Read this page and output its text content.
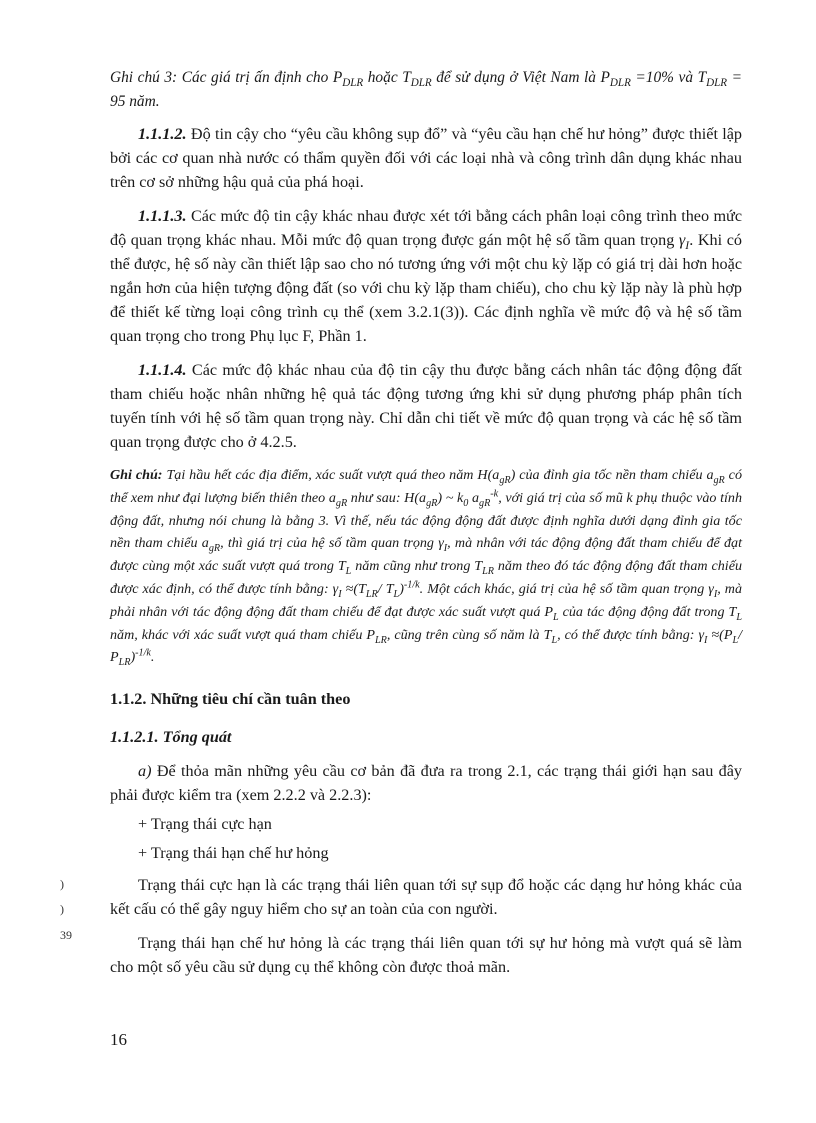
Ghi chú 3: Các giá trị ấn định cho $P_{DLR}$ hoặc $T_{DLR}$ để sử dụng ở Việt Nam là $P_{DLR} =10\%$ và $T_{DLR} = 95$ năm.

1.1.1.2. Độ tin cậy cho “yêu cầu không sụp đổ” và “yêu cầu hạn chế hư hỏng” được thiết lập bởi các cơ quan nhà nước có thẩm quyền đối với các loại nhà và công trình dân dụng khác nhau trên cơ sở những hậu quả của phá hoại.

1.1.1.3. Các mức độ tin cậy khác nhau được xét tới bằng cách phân loại công trình theo mức độ quan trọng khác nhau. Mỗi mức độ quan trọng được gán một hệ số tầm quan trọng $\gamma_I$. Khi có thể được, hệ số này cần thiết lập sao cho nó tương ứng với một chu kỳ lặp có giá trị dài hơn hoặc ngắn hơn của hiện tượng động đất (so với chu kỳ lặp tham chiếu), cho chu kỳ lặp này là phù hợp để thiết kế từng loại công trình cụ thể (xem 3.2.1(3)). Các định nghĩa về mức độ và hệ số tầm quan trọng cho trong Phụ lục F, Phần 1.

1.1.1.4. Các mức độ khác nhau của độ tin cậy thu được bằng cách nhân tác động động đất tham chiếu hoặc nhân những hệ quả tác động tương ứng khi sử dụng phương pháp phân tích tuyến tính với hệ số tầm quan trọng này. Chỉ dẫn chi tiết về mức độ quan trọng và các hệ số tầm quan trọng được cho ở 4.2.5.

Ghi chú: Tại hầu hết các địa điểm, xác suất vượt quá theo năm $H(a_{gR})$ của đỉnh gia tốc nền tham chiếu $a_{gR}$ có thể xem như đại lượng biến thiên theo $a_{gR}$ như sau: $H(a_{gR})$ ~ $k_0$ $a_{gR}^{-k}$, với giá trị của số mũ k phụ thuộc vào tính động đất, nhưng nói chung là bằng 3. Vì thế, nếu tác động động đất được định nghĩa dưới dạng đỉnh gia tốc nền tham chiếu $a_{gR}$, thì giá trị của hệ số tầm quan trọng $\gamma_I$, mà nhân với tác động động đất tham chiếu để đạt được cùng một xác suất vượt quá trong $T_L$ năm cũng như trong $T_{LR}$ năm theo đó tác động động đất tham chiếu được xác định, có thể được tính bằng: $\gamma_I \approx(T_{LR}/$ $T_L)^{-1/k}$. Một cách khác, giá trị của hệ số tầm quan trọng $\gamma_I$, mà phải nhân với tác động động đất tham chiếu để đạt được xác suất vượt quá $P_L$ của tác động động đất trong $T_L$ năm, khác với xác suất vượt quá tham chiếu $P_{LR}$, cũng trên cùng số năm là $T_L$, có thể được tính bằng: $\gamma_I \approx(P_L/$ $P_{LR})^{-1/k}$.

1.1.2. Những tiêu chí cần tuân theo

1.1.2.1. Tổng quát

a) Để thỏa mãn những yêu cầu cơ bản đã đưa ra trong 2.1, các trạng thái giới hạn sau đây phải được kiểm tra (xem 2.2.2 và 2.2.3):

+ Trạng thái cực hạn

+ Trạng thái hạn chế hư hỏng

Trạng thái cực hạn là các trạng thái liên quan tới sự sụp đổ hoặc các dạng hư hỏng khác của kết cấu có thể gây nguy hiểm cho sự an toàn của con người.

Trạng thái hạn chế hư hỏng là các trạng thái liên quan tới sự hư hỏng mà vượt quá sẽ làm cho một số yêu cầu sử dụng cụ thể không còn được thoả mãn.

)
)
39
16
